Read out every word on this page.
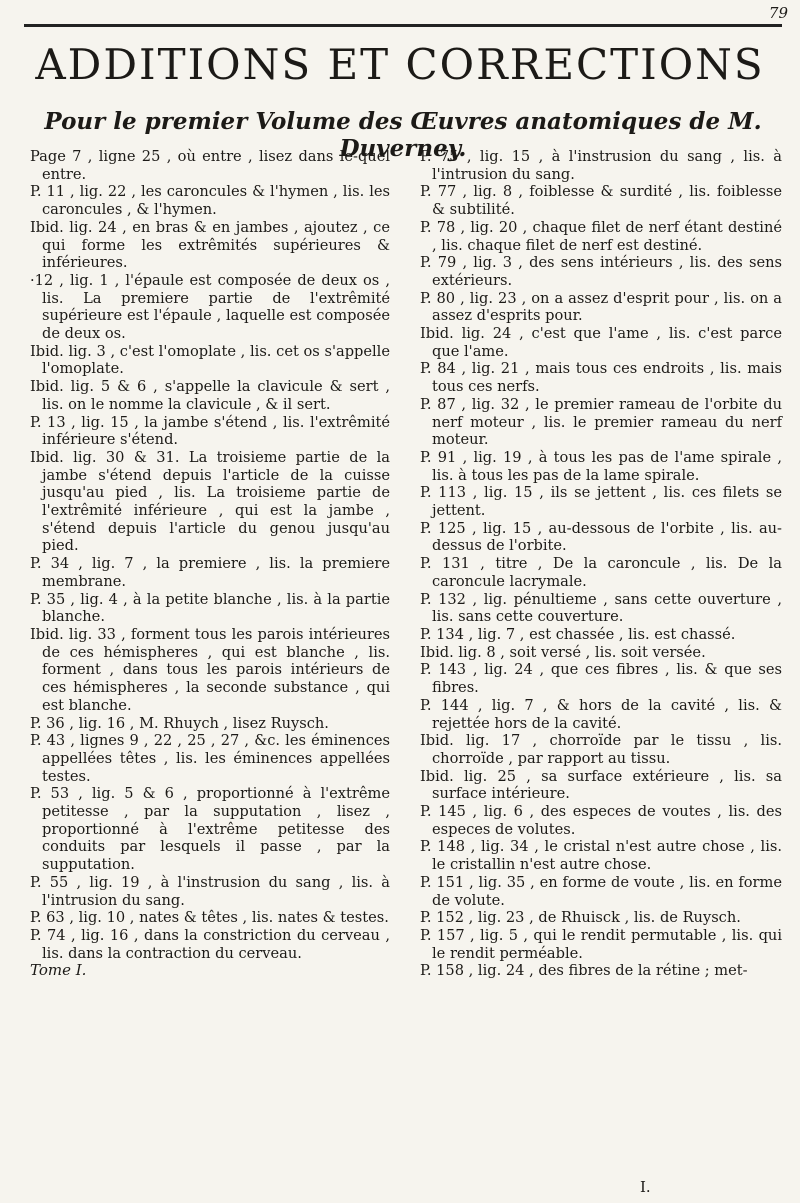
79
ADDITIONS ET CORRECTIONS
Pour le premier Volume des Œuvres anatomiques de M. Duverney.

Page 7 , ligne 25 , où entre , lisez dans le-quel entre.

P. 11 , lig. 22 , les caroncules & l'hymen , lis. les caroncules , & l'hymen.

Ibid. lig. 24 , en bras & en jambes , ajoutez , ce qui forme les extrêmités supérieures & inférieures.

·12 , lig. 1 , l'épaule est composée de deux os , lis. La premiere partie de l'extrêmité supérieure est l'épaule , laquelle est composée de deux os.

Ibid. lig. 3 , c'est l'omoplate , lis. cet os s'appelle l'omoplate.

Ibid. lig. 5 & 6 , s'appelle la clavicule & sert , lis. on le nomme la clavicule , & il sert.

P. 13 , lig. 15 , la jambe s'étend , lis. l'extrêmité inférieure s'étend.

Ibid. lig. 30 & 31. La troisieme partie de la jambe s'étend depuis l'article de la cuisse jusqu'au pied , lis. La troisieme partie de l'extrêmité inférieure , qui est la jambe , s'étend depuis l'article du genou jusqu'au pied.

P. 34 , lig. 7 , la premiere , lis. la premiere membrane.

P. 35 , lig. 4 , à la petite blanche , lis. à la partie blanche.

Ibid. lig. 33 , forment tous les parois intérieures de ces hémispheres , qui est blanche , lis. forment , dans tous les parois intérieurs de ces hémispheres , la seconde substance , qui est blanche.

P. 36 , lig. 16 , M. Rhuych , lisez Ruysch.

P. 43 , lignes 9 , 22 , 25 , 27 , &c. les éminences appellées têtes , lis. les éminences appellées testes.

P. 53 , lig. 5 & 6 , proportionné à l'extrême petitesse , par la supputation , lisez , proportionné à l'extrême petitesse des conduits par lesquels il passe , par la supputation.

P. 55 , lig. 19 , à l'instrusion du sang , lis. à l'intrusion du sang.

P. 63 , lig. 10 , nates & têtes , lis. nates & testes.

P. 74 , lig. 16 , dans la constriction du cerveau , lis. dans la contraction du cerveau.

Tome I.

P. 75 , lig. 15 , à l'instrusion du sang , lis. à l'intrusion du sang.

P. 77 , lig. 8 , foiblesse & surdité , lis. foiblesse & subtilité.

P. 78 , lig. 20 , chaque filet de nerf étant destiné , lis. chaque filet de nerf est destiné.

P. 79 , lig. 3 , des sens intérieurs , lis. des sens extérieurs.

P. 80 , lig. 23 , on a assez d'esprit pour , lis. on a assez d'esprits pour.

Ibid. lig. 24 , c'est que l'ame , lis. c'est parce que l'ame.

P. 84 , lig. 21 , mais tous ces endroits , lis. mais tous ces nerfs.

P. 87 , lig. 32 , le premier rameau de l'orbite du nerf moteur , lis. le premier rameau du nerf moteur.

P. 91 , lig. 19 , à tous les pas de l'ame spirale , lis. à tous les pas de la lame spirale.

P. 113 , lig. 15 , ils se jettent , lis. ces filets se jettent.

P. 125 , lig. 15 , au-dessous de l'orbite , lis. au-dessus de l'orbite.

P. 131 , titre , De la caroncule , lis. De la caroncule lacrymale.

P. 132 , lig. pénultieme , sans cette ouverture , lis. sans cette couverture.

P. 134 , lig. 7 , est chassée , lis. est chassé.

Ibid. lig. 8 , soit versé , lis. soit versée.

P. 143 , lig. 24 , que ces fibres , lis. & que ses fibres.

P. 144 , lig. 7 , & hors de la cavité , lis. & rejettée hors de la cavité.

Ibid. lig. 17 , chorroïde par le tissu , lis. chorroïde , par rapport au tissu.

Ibid. lig. 25 , sa surface extérieure , lis. sa surface intérieure.

P. 145 , lig. 6 , des especes de voutes , lis. des especes de volutes.

P. 148 , lig. 34 , le cristal n'est autre chose , lis. le cristallin n'est autre chose.

P. 151 , lig. 35 , en forme de voute , lis. en forme de volute.

P. 152 , lig. 23 , de Rhuisck , lis. de Ruysch.

P. 157 , lig. 5 , qui le rendit permutable , lis. qui le rendit perméable.

P. 158 , lig. 24 , des fibres de la rétine ; met-

I.
